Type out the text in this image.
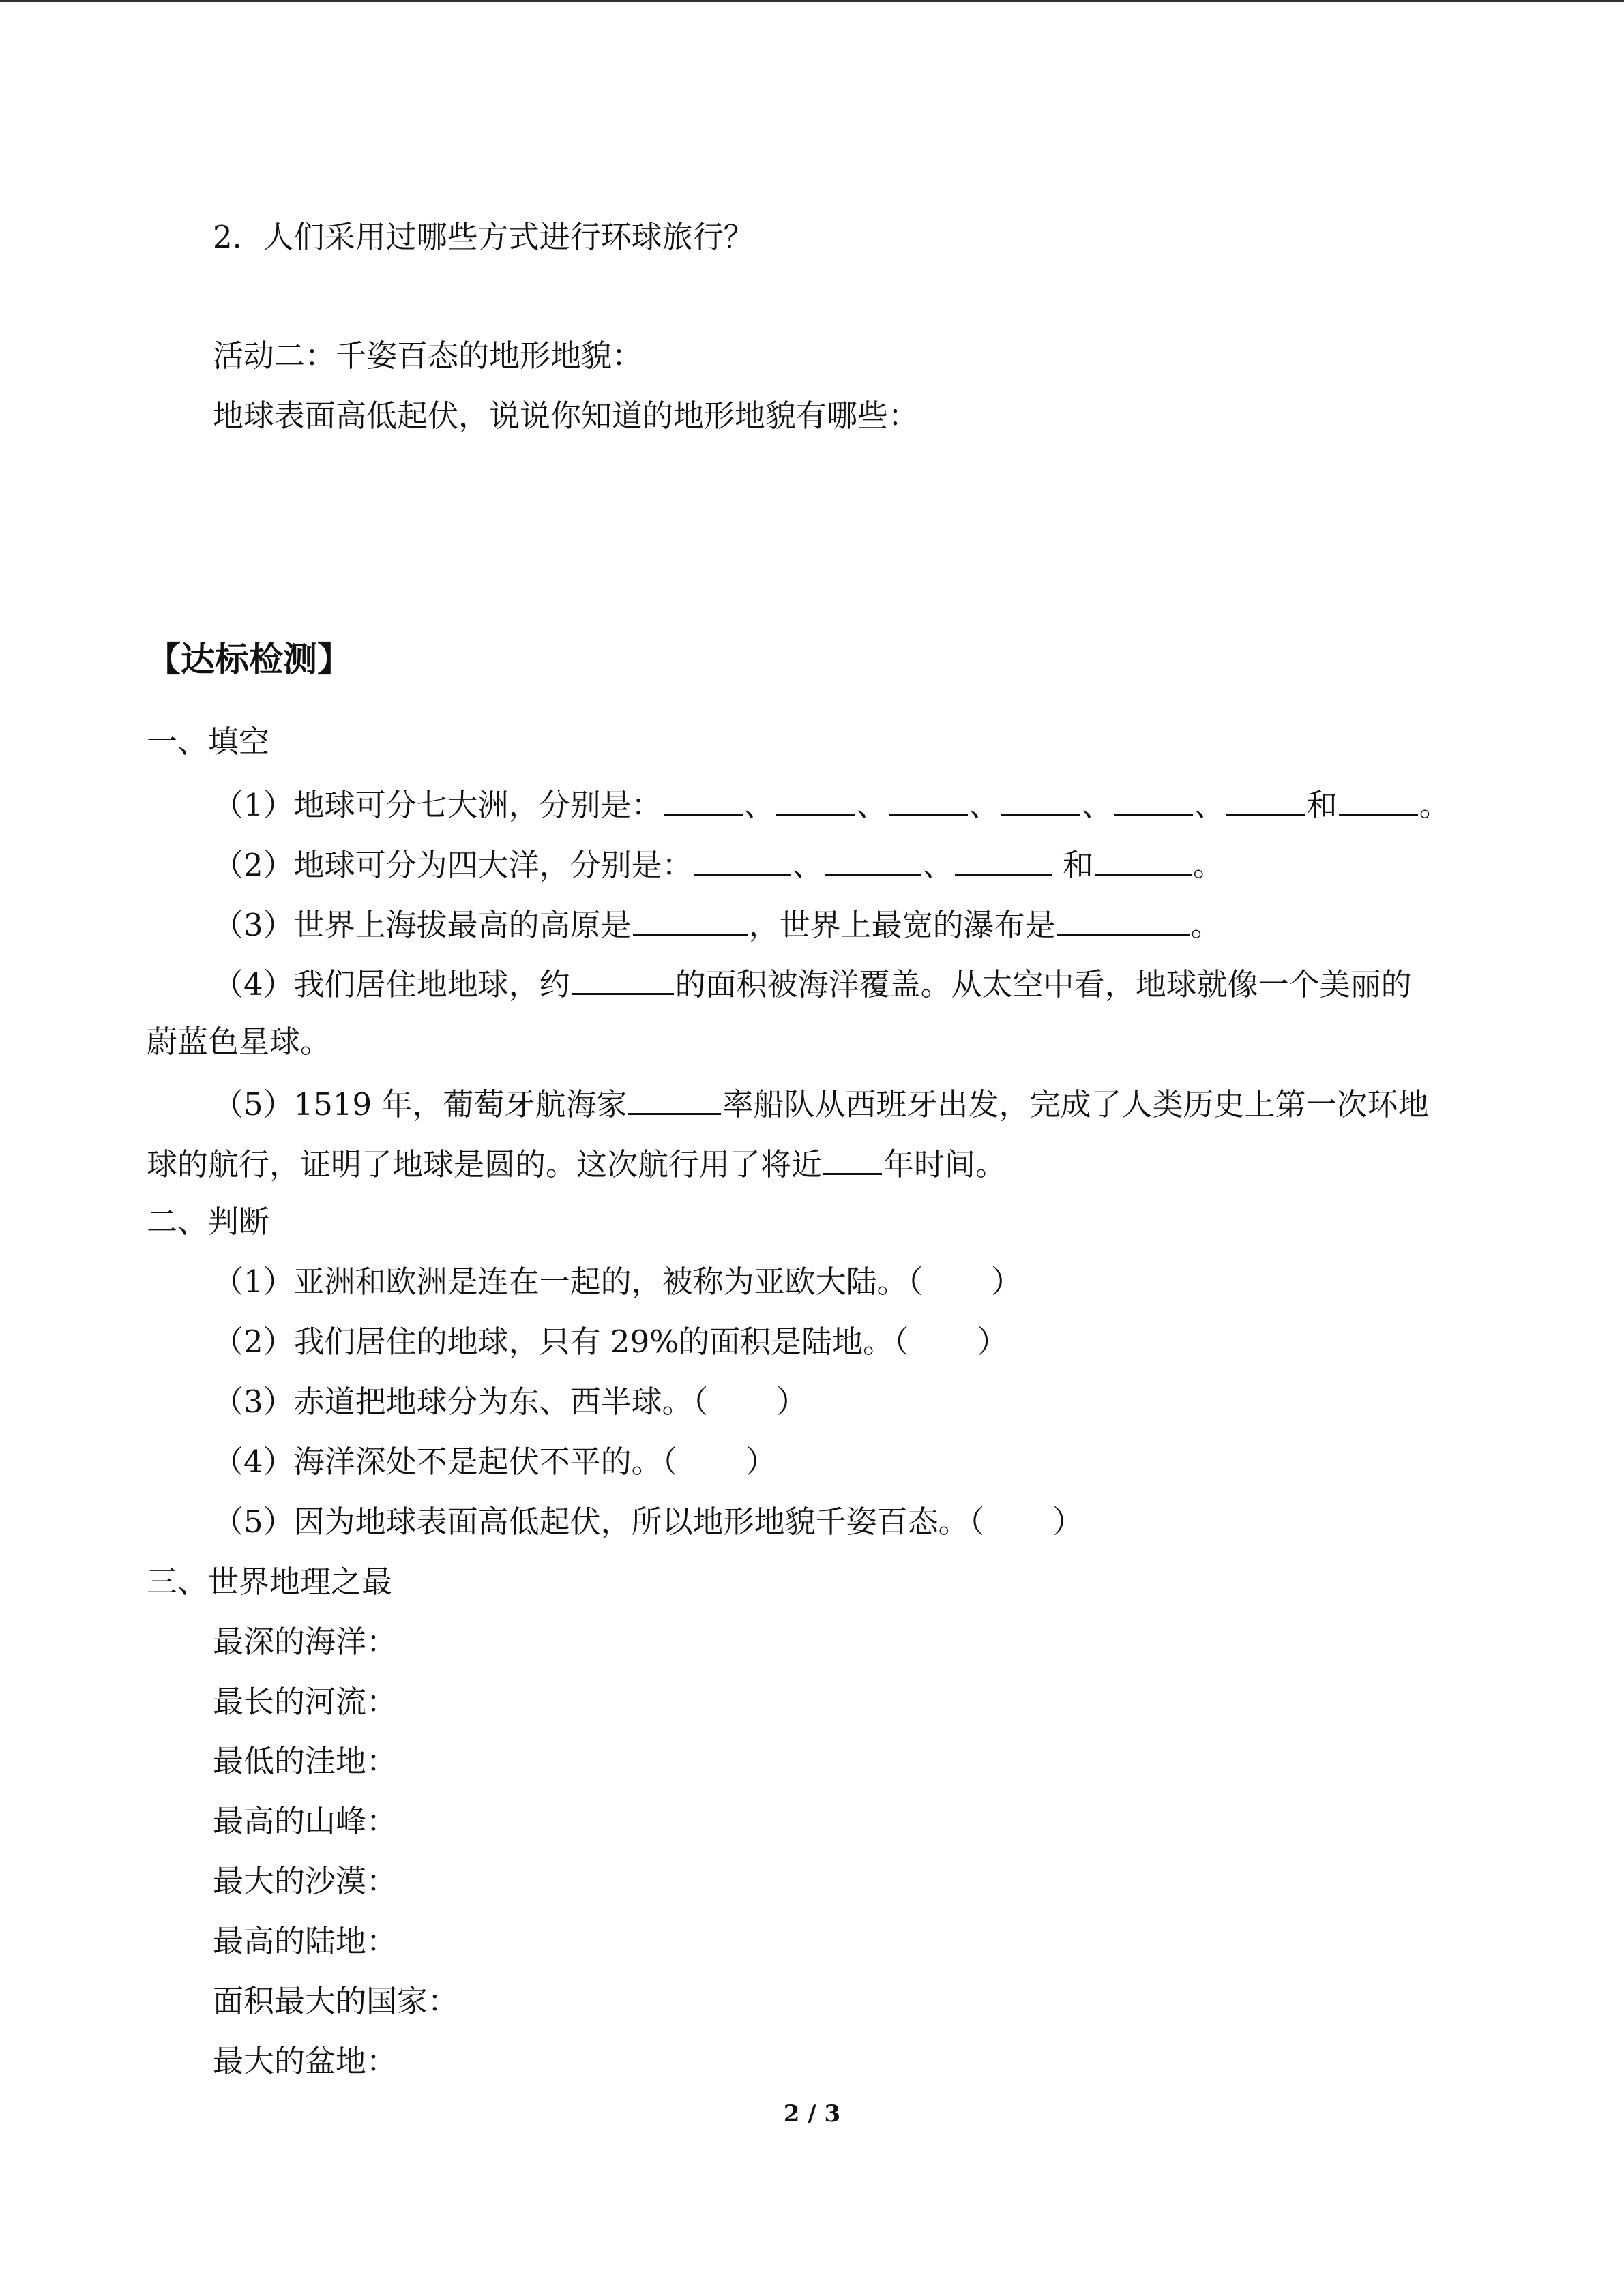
2．人们采用过哪些方式进行环球旅行？
活动二：千姿百态的地形地貌：
地球表面高低起伏，说说你知道的地形地貌有哪些：
【达标检测】
一、填空
（1）地球可分七大洲，分别是：	、	、	、	、	、	和	。
（2）地球可分为四大洋，分别是：	、	、	和	。
（3）世界上海拔最高的高原是	，世界上最宽的瀑布是	。
（4）我们居住地地球，约	的面积被海洋覆盖。从太空中看，地球就像一个美丽的
蔚蓝色星球。
（5）1519 年，葡萄牙航海家	率船队从西班牙出发，完成了人类历史上第一次环地
球的航行，证明了地球是圆的。这次航行用了将近 年时间。
二、判断
（1）亚洲和欧洲是连在一起的，被称为亚欧大陆。（ ）
（2）我们居住的地球，只有 29%的面积是陆地。（ ）
（3）赤道把地球分为东、西半球。（ ）
（4）海洋深处不是起伏不平的。（ ）
（5）因为地球表面高低起伏，所以地形地貌千姿百态。（ ）
三、世界地理之最
最深的海洋：
最长的河流：
最低的洼地：
最高的山峰：
最大的沙漠：
最高的陆地：
面积最大的国家：
最大的盆地：
2 / 3
